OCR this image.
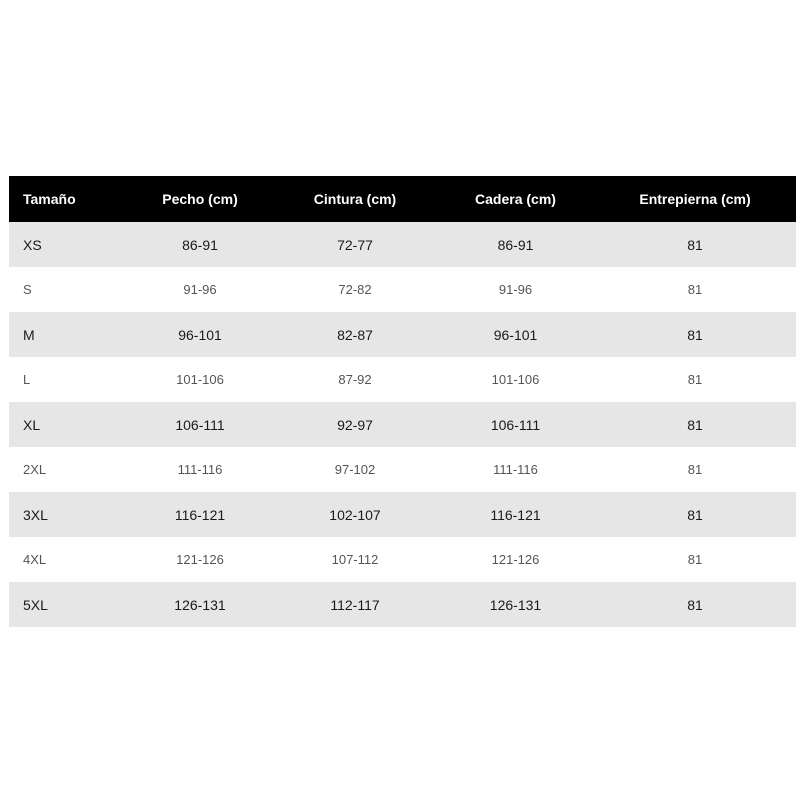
Tamaño	Pecho (cm)	Cintura (cm)	Cadera (cm)	Entrepierna (cm)
XS	86-91	72-77	86-91	81
S	91-96	72-82	91-96	81
M	96-101	82-87	96-101	81
L	101-106	87-92	101-106	81
XL	106-111	92-97	106-111	81
2XL	111-116	97-102	111-116	81
3XL	116-121	102-107	116-121	81
4XL	121-126	107-112	121-126	81
5XL	126-131	112-117	126-131	81
